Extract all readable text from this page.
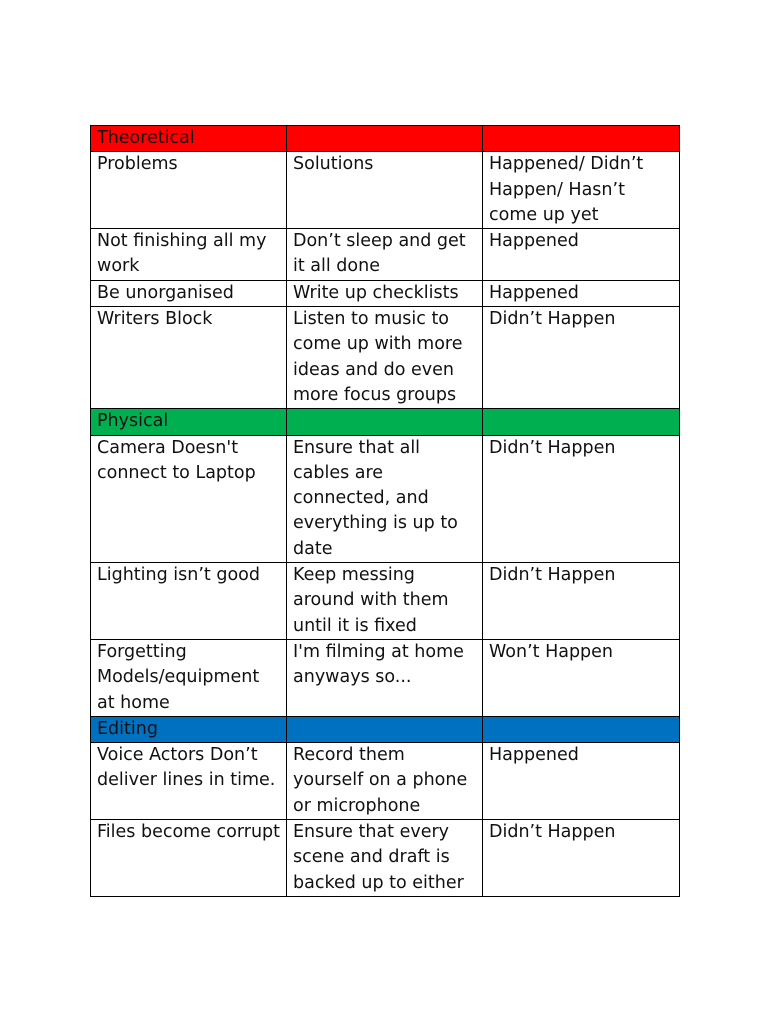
Theoretical		
Problems	Solutions	Happened/ Didn’t Happen/ Hasn’t come up yet
Not finishing all my work	Don’t sleep and get it all done	Happened
Be unorganised	Write up checklists	Happened
Writers Block	Listen to music to come up with more ideas and do even more focus groups	Didn’t Happen
Physical		
Camera Doesn't connect to Laptop	Ensure that all cables are connected, and everything is up to date	Didn’t Happen
Lighting isn’t good	Keep messing around with them until it is fixed	Didn’t Happen
Forgetting Models/equipment at home	I'm filming at home anyways so...	Won’t Happen
Editing		
Voice Actors Don’t deliver lines in time.	Record them yourself on a phone or microphone	Happened
Files become corrupt	Ensure that every scene and draft is backed up to either	Didn’t Happen
